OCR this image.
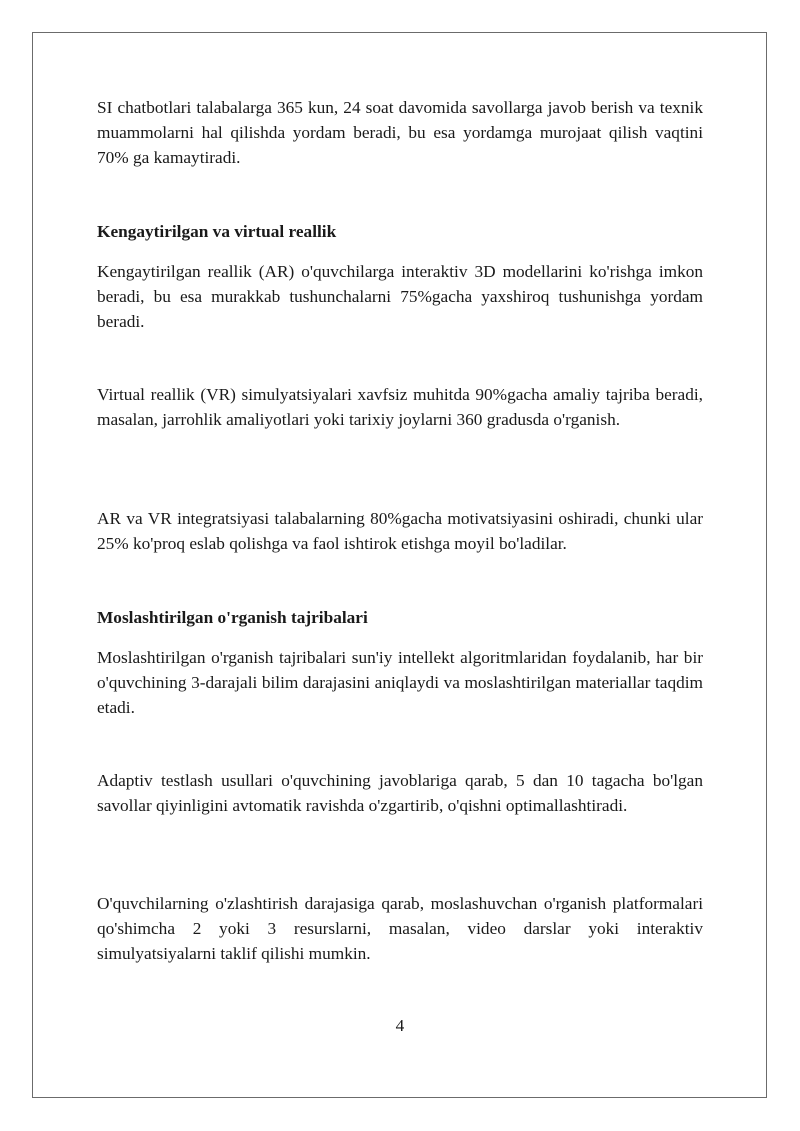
SI chatbotlari talabalarga 365 kun, 24 soat davomida savollarga javob berish va texnik muammolarni hal qilishda yordam beradi, bu esa yordamga murojaat qilish vaqtini 70% ga kamaytiradi.

Kengaytirilgan va virtual reallik

Kengaytirilgan reallik (AR) o'quvchilarga interaktiv 3D modellarini ko'rishga imkon beradi, bu esa murakkab tushunchalarni 75%gacha yaxshiroq tushunishga yordam beradi.

Virtual reallik (VR) simulyatsiyalari xavfsiz muhitda 90%gacha amaliy tajriba beradi, masalan, jarrohlik amaliyotlari yoki tarixiy joylarni 360 gradusda o'rganish.

AR va VR integratsiyasi talabalarning 80%gacha motivatsiyasini oshiradi, chunki ular 25% ko'proq eslab qolishga va faol ishtirok etishga moyil bo'ladilar.

Moslashtirilgan o'rganish tajribalari

Moslashtirilgan o'rganish tajribalari sun'iy intellekt algoritmlaridan foydalanib, har bir o'quvchining 3-darajali bilim darajasini aniqlaydi va moslashtirilgan materiallar taqdim etadi.

Adaptiv testlash usullari o'quvchining javoblariga qarab, 5 dan 10 tagacha bo'lgan savollar qiyinligini avtomatik ravishda o'zgartirib, o'qishni optimallashtiradi.

O'quvchilarning o'zlashtirish darajasiga qarab, moslashuvchan o'rganish platformalari qo'shimcha 2 yoki 3 resurslarni, masalan, video darslar yoki interaktiv simulyatsiyalarni taklif qilishi mumkin.

4
